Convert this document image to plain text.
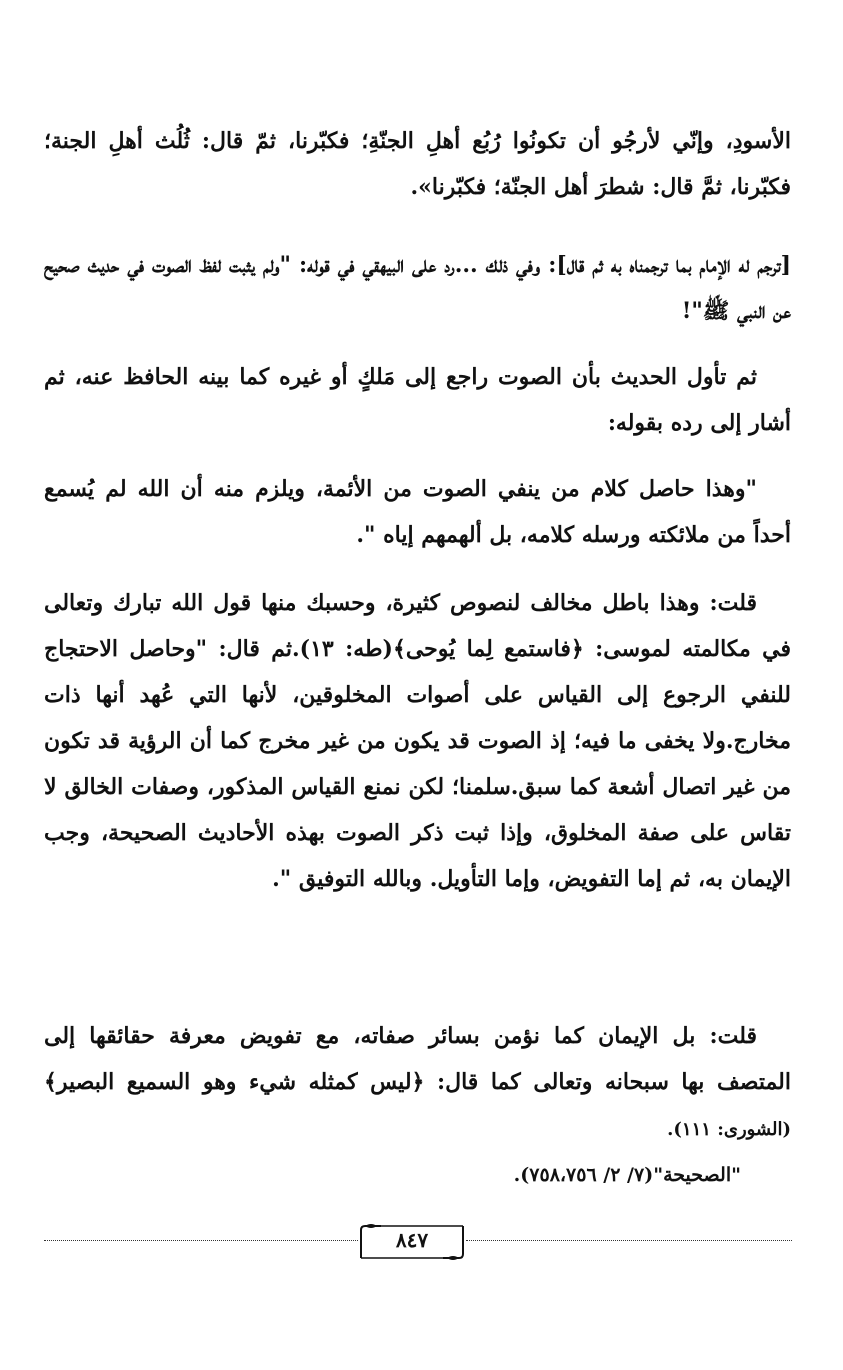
الأسودِ، وإنّي لأرجُو أن تكونُوا رُبُع أهلِ الجنّةِ؛ فكبّرنا، ثمّ قال: ثُلُث أهلِ الجنة؛ فكبّرنا، ثمَّ قال: شطرَ أهل الجنّة؛ فكبّرنا».

[ترجم له الإمام بما ترجمناه به ثم قال]: وفي ذلك ...رد على البيهقي في قوله: "ولم يثبت لفظ الصوت في حديث صحيح عن النبي ﷺ"!

ثم تأول الحديث بأن الصوت راجع إلى مَلكٍ أو غيره كما بينه الحافظ عنه، ثم أشار إلى رده بقوله:

"وهذا حاصل كلام من ينفي الصوت من الأئمة، ويلزم منه أن الله لم يُسمع أحداً من ملائكته ورسله كلامه، بل ألهمهم إياه ".

قلت: وهذا باطل مخالف لنصوص كثيرة، وحسبك منها قول الله تبارك وتعالى في مكالمته لموسى: ﴿فاستمع لِما يُوحى﴾(طه: ١٣).ثم قال: "وحاصل الاحتجاج للنفي الرجوع إلى القياس على أصوات المخلوقين، لأنها التي عُهد أنها ذات مخارج.ولا يخفى ما فيه؛ إذ الصوت قد يكون من غير مخرج كما أن الرؤية قد تكون من غير اتصال أشعة كما سبق.سلمنا؛ لكن نمنع القياس المذكور، وصفات الخالق لا تقاس على صفة المخلوق، وإذا ثبت ذكر الصوت بهذه الأحاديث الصحيحة، وجب الإيمان به، ثم إما التفويض، وإما التأويل. وبالله التوفيق ".

قلت: بل الإيمان كما نؤمن بسائر صفاته، مع تفويض معرفة حقائقها إلى المتصف بها سبحانه وتعالى كما قال: ﴿ليس كمثله شيء وهو السميع البصير﴾ (الشورى: ١١١).
"الصحيحة"(٧/ ٢/ ٧٥٨،٧٥٦).
٨٤٧
